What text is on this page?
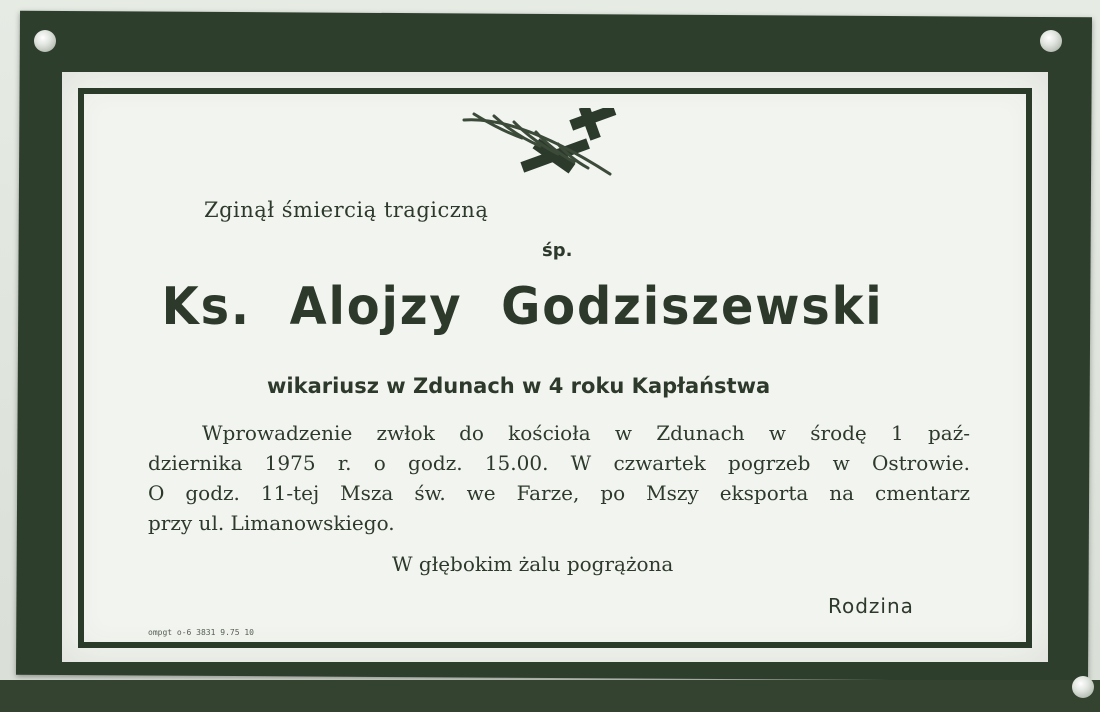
Zginął śmiercią tragiczną
śp.
Ks. Alojzy Godziszewski
wikariusz w Zdunach w 4 roku Kapłaństwa

Wprowadzenie zwłok do kościoła w Zdunach w środę 1 paź-

dziernika 1975 r. o godz. 15.00. W czwartek pogrzeb w Ostrowie.

O godz. 11-tej Msza św. we Farze, po Mszy eksporta na cmentarz

przy ul. Limanowskiego.

W głębokim żalu pogrążona
Rodzina
ompgt o-6 3831 9.75 10
